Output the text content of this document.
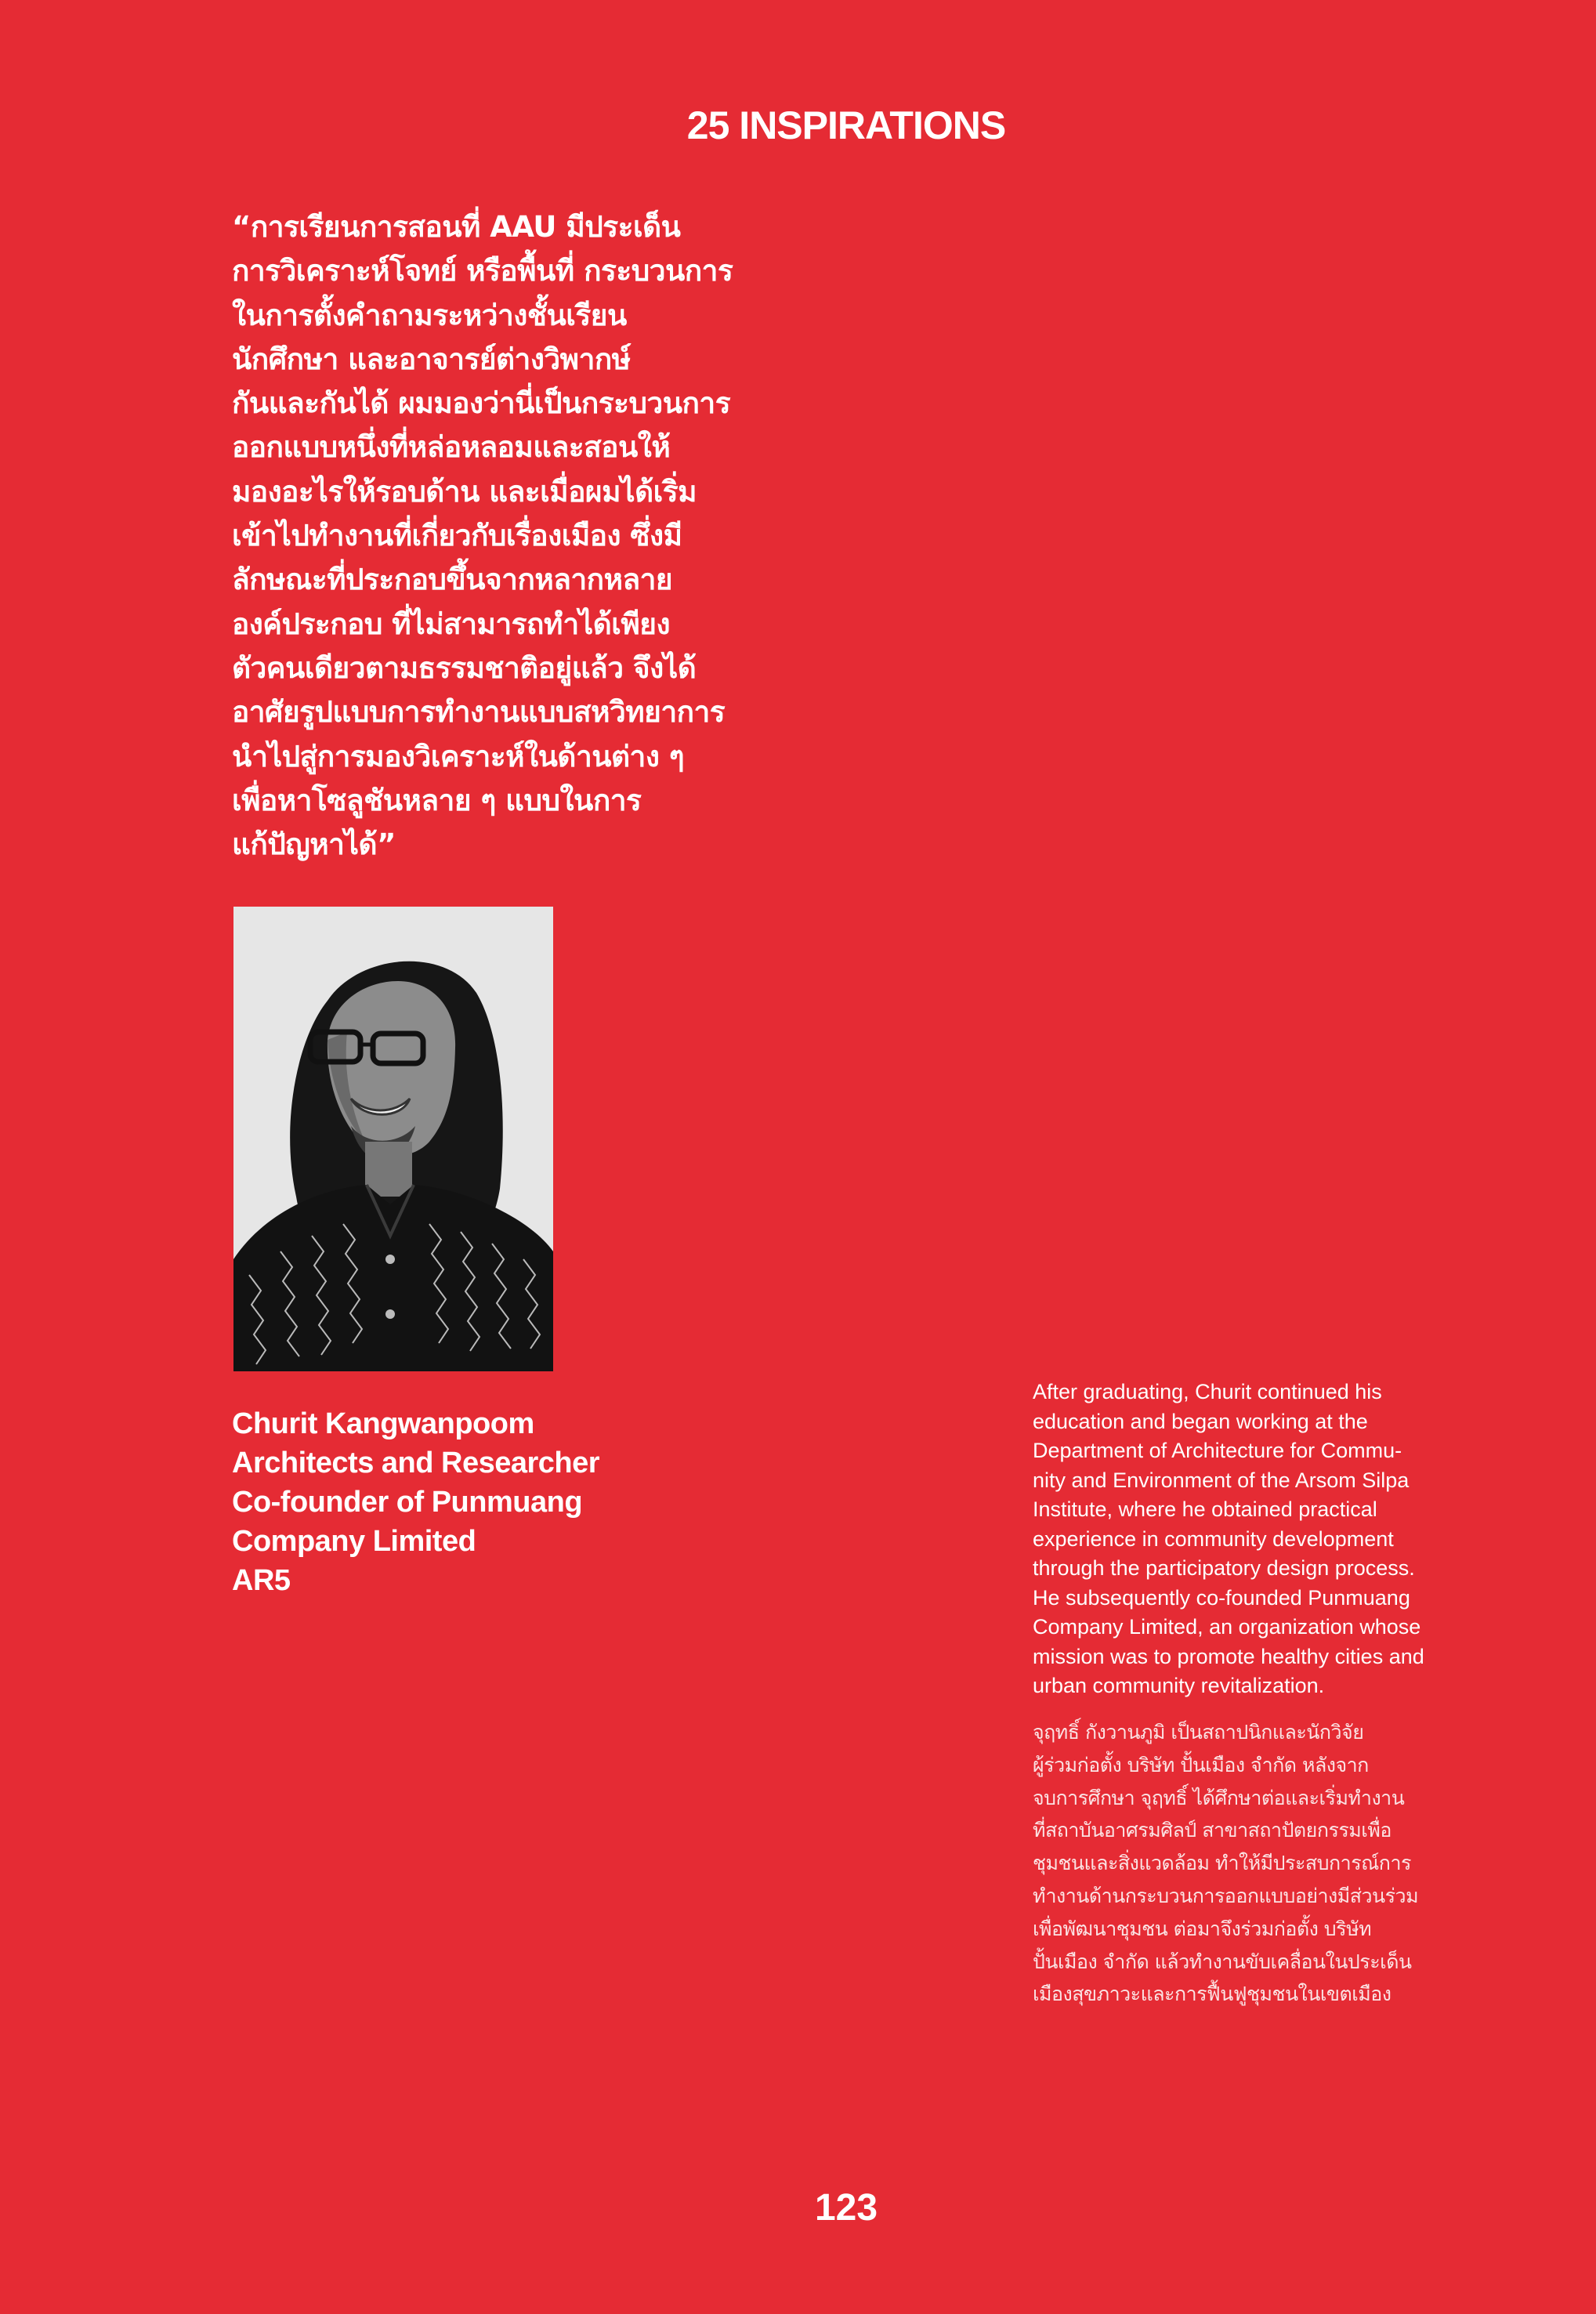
25 INSPIRATIONS

“การเรียนการสอนที่ AAU มีประเด็น
การวิเคราะห์โจทย์ หรือพื้นที่ กระบวนการ
ในการตั้งคำถามระหว่างชั้นเรียน
นักศึกษา และอาจารย์ต่างวิพากษ์
กันและกันได้ ผมมองว่านี่เป็นกระบวนการ
ออกแบบหนึ่งที่หล่อหลอมและสอนให้
มองอะไรให้รอบด้าน และเมื่อผมได้เริ่ม
เข้าไปทำงานที่เกี่ยวกับเรื่องเมือง ซึ่งมี
ลักษณะที่ประกอบขึ้นจากหลากหลาย
องค์ประกอบ ที่ไม่สามารถทำได้เพียง
ตัวคนเดียวตามธรรมชาติอยู่แล้ว จึงได้
อาศัยรูปแบบการทำงานแบบสหวิทยาการ
นำไปสู่การมองวิเคราะห์ในด้านต่าง ๆ
เพื่อหาโซลูชันหลาย ๆ แบบในการ
แก้ปัญหาได้”

Churit Kangwanpoom
Architects and Researcher
Co-founder of Punmuang
Company Limited
AR5

After graduating, Churit continued his
education and began working at the
Department of Architecture for Commu-
nity and Environment of the Arsom Silpa
Institute, where he obtained practical
experience in community development
through the participatory design process.
He subsequently co-founded Punmuang
Company Limited, an organization whose
mission was to promote healthy cities and
urban community revitalization.

จุฤทธิ์ กังวานภูมิ เป็นสถาปนิกและนักวิจัย
ผู้ร่วมก่อตั้ง บริษัท ปั้นเมือง จำกัด หลังจาก
จบการศึกษา จุฤทธิ์ ได้ศึกษาต่อและเริ่มทำงาน
ที่สถาบันอาศรมศิลป์ สาขาสถาปัตยกรรมเพื่อ
ชุมชนและสิ่งแวดล้อม ทำให้มีประสบการณ์การ
ทำงานด้านกระบวนการออกแบบอย่างมีส่วนร่วม
เพื่อพัฒนาชุมชน ต่อมาจึงร่วมก่อตั้ง บริษัท
ปั้นเมือง จำกัด แล้วทำงานขับเคลื่อนในประเด็น
เมืองสุขภาวะและการฟื้นฟูชุมชนในเขตเมือง

123
